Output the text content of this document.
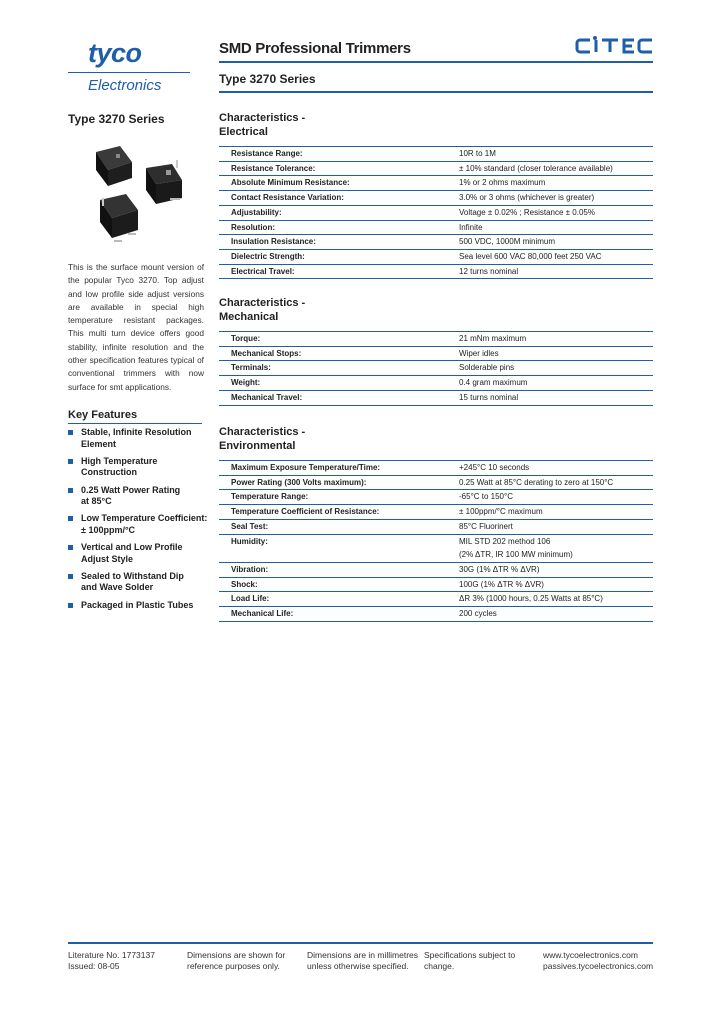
tyco
Electronics
SMD Professional Trimmers
Type 3270 Series
Type 3270 Series
This is the surface mount version of the popular Tyco 3270. Top adjust and low profile side adjust versions are available in special high temperature resistant packages. This multi turn device offers good stability, infinite resolution and the other specification features typical of conventional trimmers with now surface for smt applications.
Key Features
Stable, Infinite Resolution
Element
High Temperature
Construction
0.25 Watt Power Rating
at 85°C
Low Temperature Coefficient:
± 100ppm/°C
Vertical and Low Profile
Adjust Style
Sealed to Withstand Dip
and Wave Solder
Packaged in Plastic Tubes
Characteristics -
Electrical
Resistance Range:	10R to 1M

Resistance Tolerance:	± 10% standard (closer tolerance available)

Absolute Minimum Resistance:	1% or 2 ohms maximum

Contact Resistance Variation:	3.0% or 3 ohms (whichever is greater)

Adjustability:	Voltage ± 0.02% ; Resistance ± 0.05%

Resolution:	Infinite

Insulation Resistance:	500 VDC, 1000M minimum

Dielectric Strength:	Sea level 600 VAC 80,000 feet 250 VAC

Electrical Travel:	12 turns nominal
Characteristics -
Mechanical
Torque:	21 mNm maximum

Mechanical Stops:	Wiper idles

Terminals:	Solderable pins

Weight:	0.4 gram maximum

Mechanical Travel:	15 turns nominal
Characteristics -
Environmental
Maximum Exposure Temperature/Time:	+245°C 10 seconds

Power Rating (300 Volts maximum):	0.25 Watt at 85°C derating to zero at 150°C

Temperature Range:	-65°C to 150°C

Temperature Coefficient of Resistance:	± 100ppm/°C maximum

Seal Test:	85°C Fluorinert

Humidity:	MIL STD 202 method 106
(2% ΔTR, IR 100 MW minimum)

Vibration:	30G (1% ΔTR % ΔVR)

Shock:	100G (1% ΔTR % ΔVR)

Load Life:	ΔR 3% (1000 hours, 0.25 Watts at 85°C)

Mechanical Life:	200 cycles
Literature No. 1773137
Issued: 08-05
Dimensions are shown for
reference purposes only.
Dimensions are in millimetres
unless otherwise specified.
Specifications subject to
change.
www.tycoelectronics.com
passives.tycoelectronics.com
